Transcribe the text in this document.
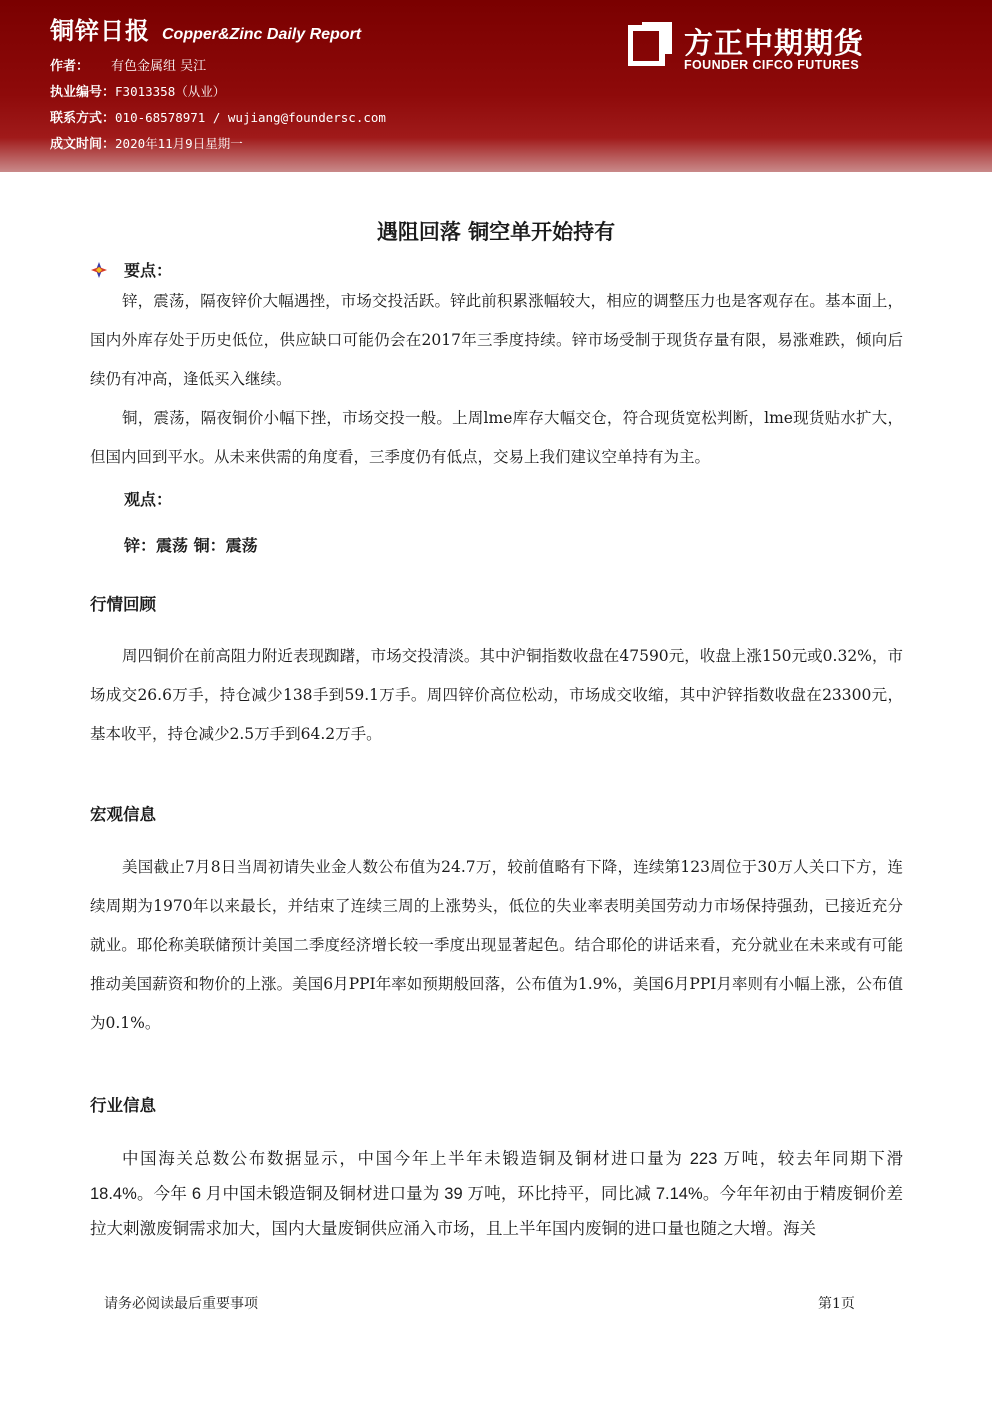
铜锌日报 Copper&Zinc Daily Report
作者： 有色金属组 吴江
执业编号：F3013358（从业）
联系方式：010-68578971 / wujiang@foundersc.com
成文时间：2020年11月9日星期一
方正中期期货
FOUNDER CIFCO FUTURES
遇阻回落 铜空单开始持有
要点：

锌，震荡，隔夜锌价大幅遇挫，市场交投活跃。锌此前积累涨幅较大，相应的调整压力也是客观存在。基本面上，国内外库存处于历史低位，供应缺口可能仍会在2017年三季度持续。锌市场受制于现货存量有限，易涨难跌，倾向后续仍有冲高，逢低买入继续。

铜，震荡，隔夜铜价小幅下挫，市场交投一般。上周lme库存大幅交仓，符合现货宽松判断，lme现货贴水扩大，但国内回到平水。从未来供需的角度看，三季度仍有低点，交易上我们建议空单持有为主。

观点：
锌：震荡 铜：震荡
行情回顾

周四铜价在前高阻力附近表现踟躇，市场交投清淡。其中沪铜指数收盘在47590元，收盘上涨150元或0.32%，市场成交26.6万手，持仓减少138手到59.1万手。周四锌价高位松动，市场成交收缩，其中沪锌指数收盘在23300元，基本收平，持仓减少2.5万手到64.2万手。

宏观信息

美国截止7月8日当周初请失业金人数公布值为24.7万，较前值略有下降，连续第123周位于30万人关口下方，连续周期为1970年以来最长，并结束了连续三周的上涨势头，低位的失业率表明美国劳动力市场保持强劲，已接近充分就业。耶伦称美联储预计美国二季度经济增长较一季度出现显著起色。结合耶伦的讲话来看，充分就业在未来或有可能推动美国薪资和物价的上涨。美国6月PPI年率如预期般回落，公布值为1.9%，美国6月PPI月率则有小幅上涨，公布值为0.1%。

行业信息

中国海关总数公布数据显示，中国今年上半年未锻造铜及铜材进口量为 223 万吨，较去年同期下滑 18.4%。今年 6 月中国未锻造铜及铜材进口量为 39 万吨，环比持平，同比减 7.14%。今年年初由于精废铜价差拉大刺激废铜需求加大，国内大量废铜供应涌入市场，且上半年国内废铜的进口量也随之大增。海关

请务必阅读最后重要事项	第1页
